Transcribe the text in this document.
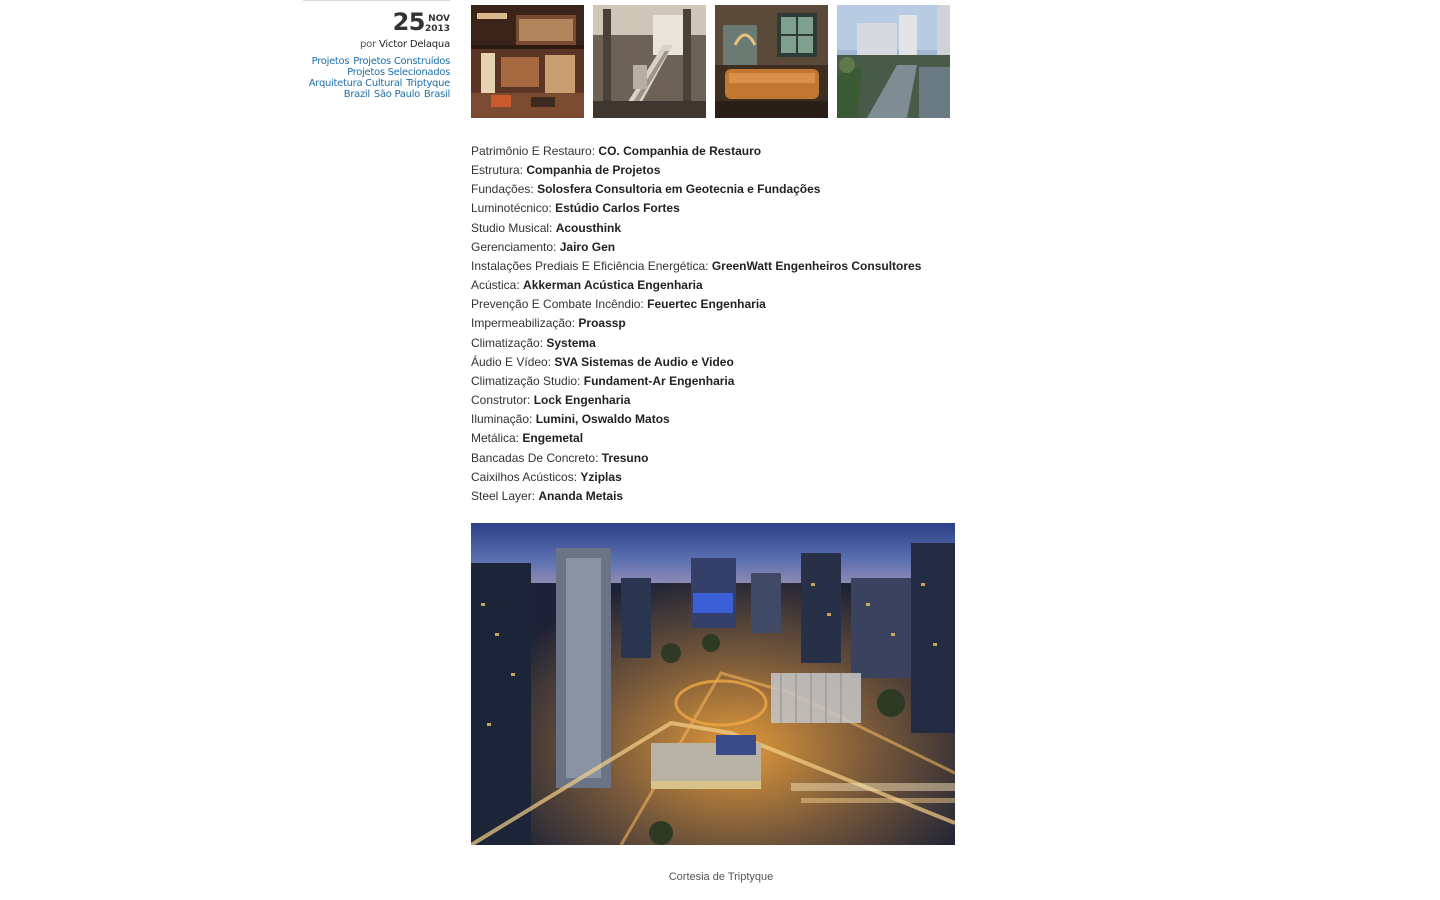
25 NOV
2013
por Victor Delaqua
Projetos Projetos Construídos
Projetos Selecionados
Arquitetura Cultural Triptyque
Brazil São Paulo Brasil
Patrimônio E Restauro: CO. Companhia de Restauro
Estrutura: Companhia de Projetos
Fundações: Solosfera Consultoria em Geotecnia e Fundações
Luminotécnico: Estúdio Carlos Fortes
Studio Musical: Acousthink
Gerenciamento: Jairo Gen
Instalações Prediais E Eficiência Energética: GreenWatt Engenheiros Consultores
Acústica: Akkerman Acústica Engenharia
Prevenção E Combate Incêndio: Feuertec Engenharia
Impermeabilização: Proassp
Climatização: Systema
Áudio E Vídeo: SVA Sistemas de Audio e Video
Climatização Studio: Fundament-Ar Engenharia
Construtor: Lock Engenharia
Iluminação: Lumini, Oswaldo Matos
Metálica: Engemetal
Bancadas De Concreto: Tresuno
Caixilhos Acústicos: Yziplas
Steel Layer: Ananda Metais
Cortesia de Triptyque
